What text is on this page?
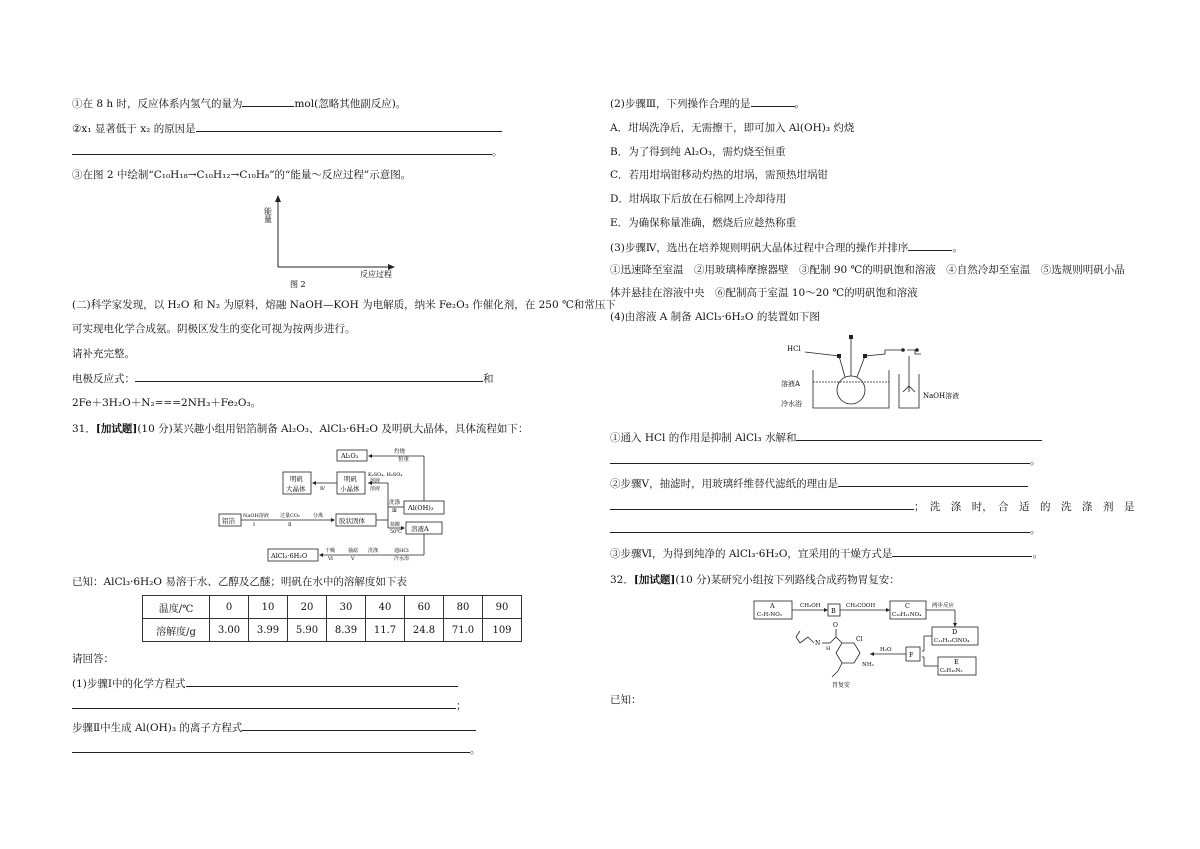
①在 8 h 时，反应体系内氢气的量为	mol(忽略其他副反应)。
②x₁ 显著低于 x₂ 的原因是
。
③在图 2 中绘制“C₁₀H₁₈→C₁₀H₁₂→C₁₀H₈”的“能量～反应过程”示意图。
能量
反应过程
图 2
(二)科学家发现，以 H₂O 和 N₂ 为原料，熔融 NaOH—KOH 为电解质，纳米 Fe₂O₃ 作催化剂，在 250 ℃和常压下
可实现电化学合成氨。阴极区发生的变化可视为按两步进行。
请补充完整。
电极反应式：	和
2Fe＋3H₂O＋N₂===2NH₃＋Fe₂O₃。
31．[加试题](10 分)某兴趣小组用铝箔制备 Al₂O₃、AlCl₃·6H₂O 及明矾大晶体，具体流程如下：
Al₂O₃	灼烧
恒重
明矾
大晶体
明矾
小晶体
K₂SO₄, H₂SO₄
溶液
溶液
Ⅳ
洗涤
Ⅲ Al(OH)₃
铝箔
NaOH溶液
Ⅰ
过量CO₂
Ⅱ
分离
胶状固体	盐酸
50℃ 溶液A
AlCl₃·6H₂O
干燥
Ⅵ
抽滤
Ⅴ
洗涤	通HCl
冷水浴
已知：AlCl₃·6H₂O 易溶于水、乙醇及乙醚；明矾在水中的溶解度如下表
温度/℃	0	10	20	30	40	60	80	90
溶解度/g	3.00	3.99	5.90	8.39	11.7	24.8	71.0	109
请回答：
(1)步骤Ⅰ中的化学方程式
；
步骤Ⅱ中生成 Al(OH)₃ 的离子方程式
。
(2)步骤Ⅲ，下列操作合理的是	。
A．坩埚洗净后，无需擦干，即可加入 Al(OH)₃ 灼烧
B．为了得到纯 Al₂O₃，需灼烧至恒重
C．若用坩埚钳移动灼热的坩埚，需预热坩埚钳
D．坩埚取下后放在石棉网上冷却待用
E．为确保称量准确，燃烧后应趁热称重
(3)步骤Ⅳ，选出在培养规则明矾大晶体过程中合理的操作并排序	。
①迅速降至室温　②用玻璃棒摩擦器壁　③配制 90 ℃的明矾饱和溶液　④自然冷却至室温　⑤选规则明矾小晶
体并悬挂在溶液中央　⑥配制高于室温 10～20 ℃的明矾饱和溶液
(4)由溶液 A 制备 AlCl₃·6H₂O 的装置如下图
HCl
溶液A
冷水浴
NaOH溶液
①通入 HCl 的作用是抑制 AlCl₃ 水解和
。
②步骤Ⅴ，抽滤时，用玻璃纤维替代滤纸的理由是
；　洗　涤　时，　合　适　的　洗　涤　剂　是
。
③步骤Ⅵ，为得到纯净的 AlCl₃·6H₂O，宜采用的干燥方式是	。
32．[加试题](10 分)某研究小组按下列路线合成药物胃复安：
A
C₇H₇NO₃
CH₃OH
B
CH₃COOH	C
C₁₀H₁₁NO₄
两步反应
D
C₁₁H₁₂ClNO₄
E
C₆H₁₆N₂
F
H₂O
Cl
NH₂
O
N
H
胃复安
已知：
